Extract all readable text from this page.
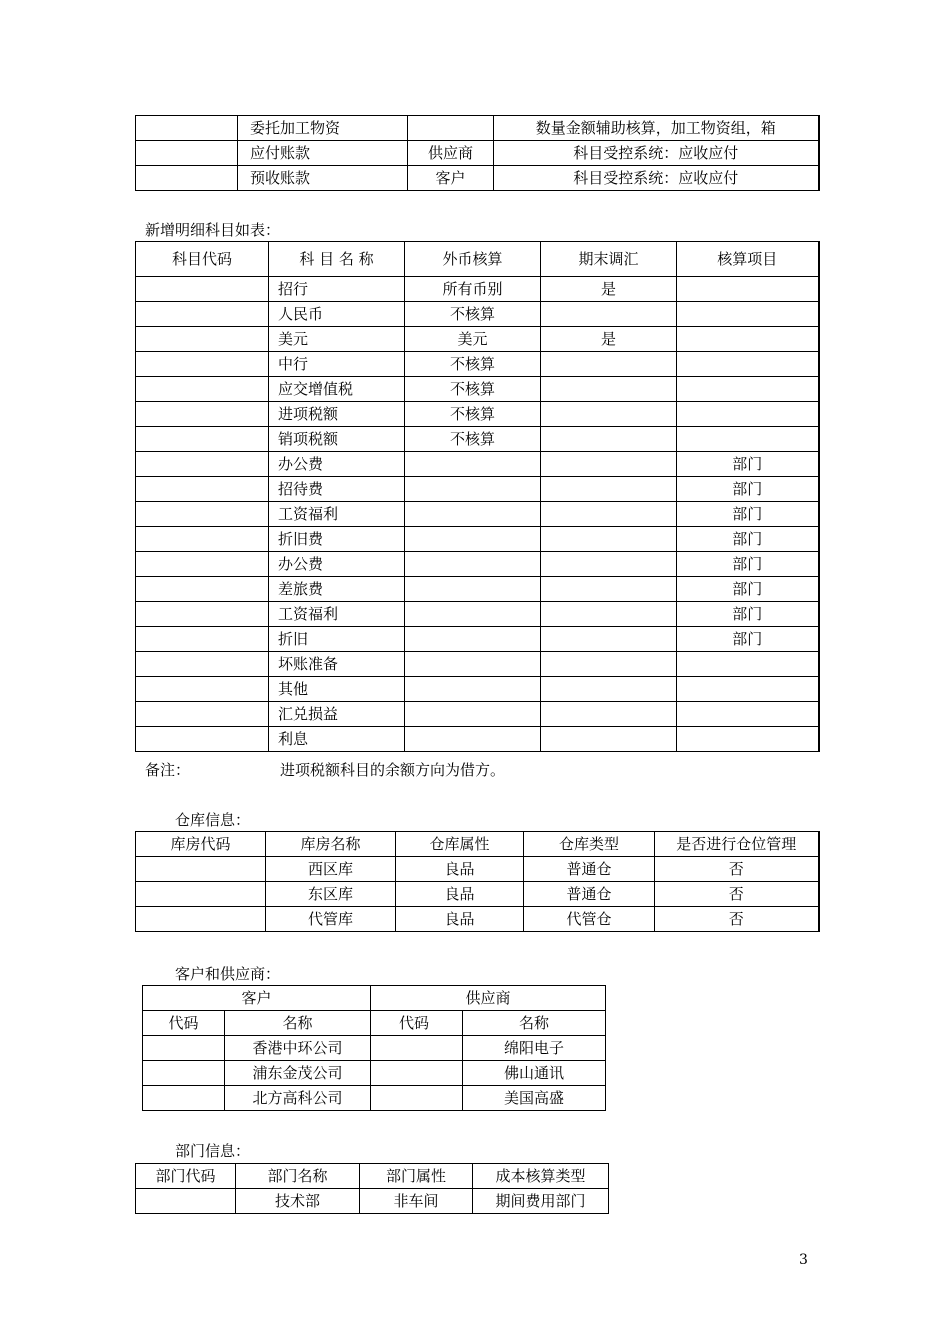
	委托加工物资		数量金额辅助核算，加工物资组，箱
	应付账款	供应商	科目受控系统：应收应付
	预收账款	客户	科目受控系统：应收应付
新增明细科目如表：
科目代码	科 目 名 称	外币核算	期末调汇	核算项目
	招行	所有币别	是	
	人民币	不核算		
	美元	美元	是	
	中行	不核算		
	应交增值税	不核算		
	进项税额	不核算		
	销项税额	不核算		
	办公费			部门
	招待费			部门
	工资福利			部门
	折旧费			部门
	办公费			部门
	差旅费			部门
	工资福利			部门
	折旧			部门
	坏账准备			
	其他			
	汇兑损益			
	利息			
备注：	进项税额科目的余额方向为借方。
仓库信息：
库房代码	库房名称	仓库属性	仓库类型	是否进行仓位管理
	西区库	良品	普通仓	否
	东区库	良品	普通仓	否
	代管库	良品	代管仓	否
客户和供应商：
客户		供应商	
代码	名称	代码	名称
	香港中环公司		绵阳电子
	浦东金茂公司		佛山通讯
	北方高科公司		美国高盛
部门信息：
部门代码	部门名称	部门属性	成本核算类型
	技术部	非车间	期间费用部门
3
